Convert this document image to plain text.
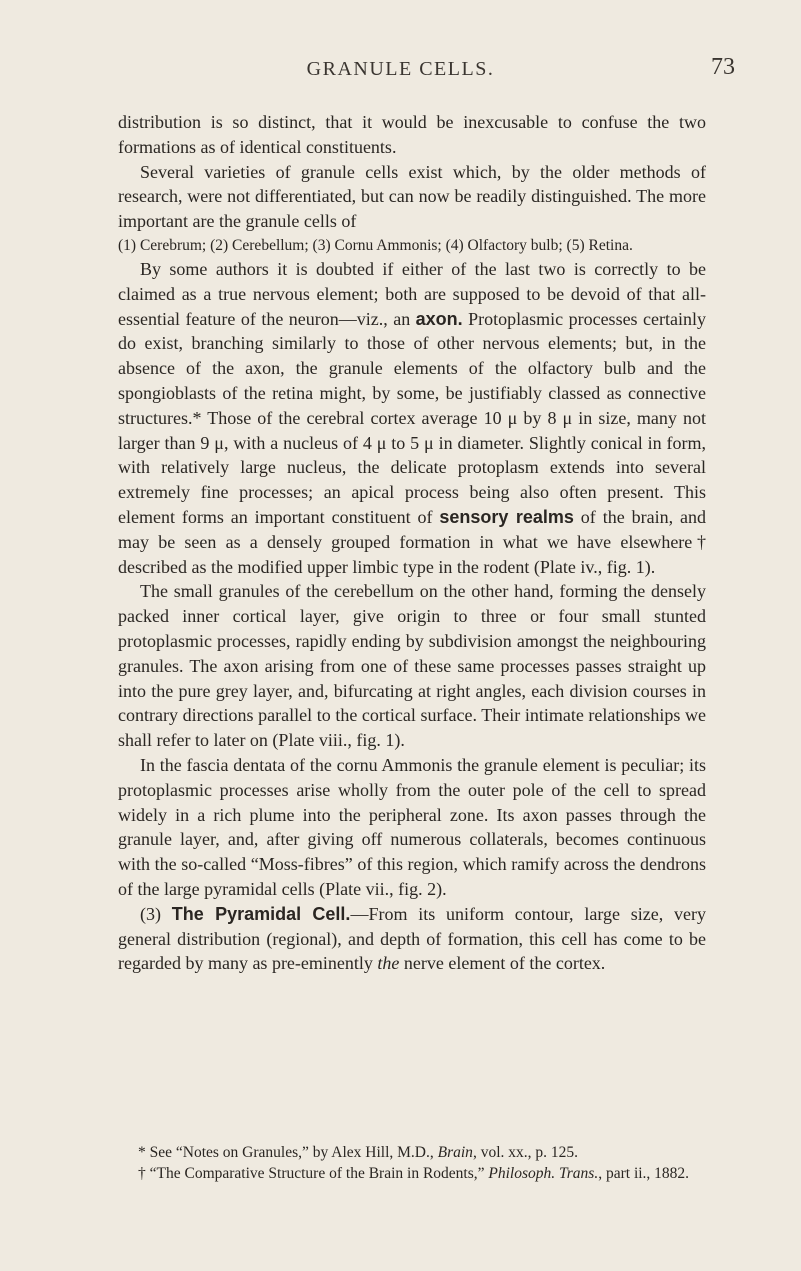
GRANULE CELLS.	73

distribution is so distinct, that it would be inexcusable to confuse the two formations as of identical constituents.

Several varieties of granule cells exist which, by the older methods of research, were not differentiated, but can now be readily distinguished. The more important are the granule cells of

(1) Cerebrum; (2) Cerebellum; (3) Cornu Ammonis; (4) Olfactory bulb; (5) Retina.

By some authors it is doubted if either of the last two is correctly to be claimed as a true nervous element; both are supposed to be devoid of that all-essential feature of the neuron—viz., an axon. Protoplasmic processes certainly do exist, branching similarly to those of other nervous elements; but, in the absence of the axon, the granule elements of the olfactory bulb and the spongioblasts of the retina might, by some, be justifiably classed as connective structures.* Those of the cerebral cortex average 10 μ by 8 μ in size, many not larger than 9 μ, with a nucleus of 4 μ to 5 μ in diameter. Slightly conical in form, with relatively large nucleus, the delicate protoplasm extends into several extremely fine processes; an apical process being also often present. This element forms an important constituent of sensory realms of the brain, and may be seen as a densely grouped formation in what we have elsewhere† described as the modified upper limbic type in the rodent (Plate iv., fig. 1).

The small granules of the cerebellum on the other hand, forming the densely packed inner cortical layer, give origin to three or four small stunted protoplasmic processes, rapidly ending by subdivision amongst the neighbouring granules. The axon arising from one of these same processes passes straight up into the pure grey layer, and, bifurcating at right angles, each division courses in contrary directions parallel to the cortical surface. Their intimate relationships we shall refer to later on (Plate viii., fig. 1).

In the fascia dentata of the cornu Ammonis the granule element is peculiar; its protoplasmic processes arise wholly from the outer pole of the cell to spread widely in a rich plume into the peripheral zone. Its axon passes through the granule layer, and, after giving off numerous collaterals, becomes continuous with the so-called “Moss-fibres” of this region, which ramify across the dendrons of the large pyramidal cells (Plate vii., fig. 2).

(3) The Pyramidal Cell.—From its uniform contour, large size, very general distribution (regional), and depth of formation, this cell has come to be regarded by many as pre-eminently the nerve element of the cortex.

* See “Notes on Granules,” by Alex Hill, M.D., Brain, vol. xx., p. 125.

† “The Comparative Structure of the Brain in Rodents,” Philosoph. Trans., part ii., 1882.
